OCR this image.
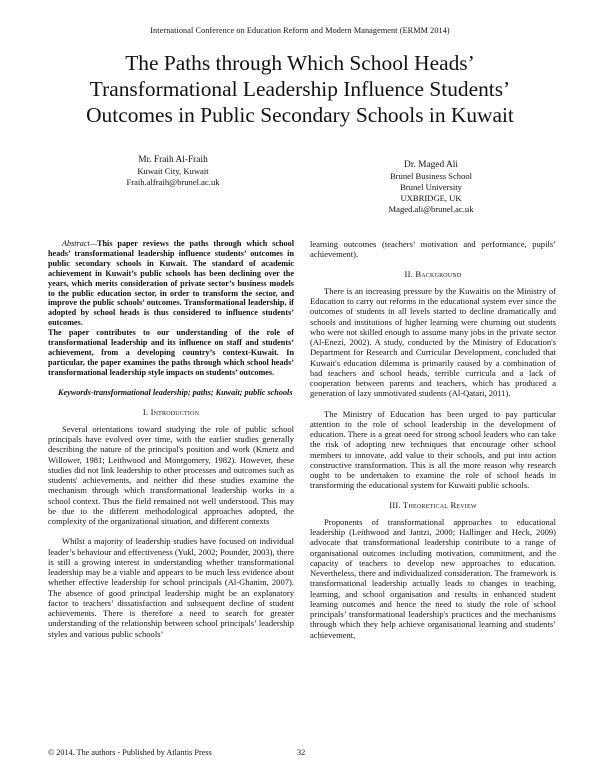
International Conference on Education Reform and Modern Management (ERMM 2014)
The Paths through Which School Heads’
Transformational Leadership Influence Students’
Outcomes in Public Secondary Schools in Kuwait
Mr. Fraih Al-Fraih
Kuwait City, Kuwait
Fraih.alfraih@brunel.ac.uk
Dr. Maged Ali
Brunel Business School
Brunel University
UXBRIDGE, UK
Maged.ali@brunel.ac.uk

Abstract—This paper reviews the paths through which school heads’ transformational leadership influence students’ outcomes in public secondary schools in Kuwait. The standard of academic achievement in Kuwait’s public schools has been declining over the years, which merits consideration of private sector’s business models to the public education sector, in order to transform the sector, and improve the public schools’ outcomes. Transformational leadership, if adopted by school heads is thus considered to influence students’ outcomes.

The paper contributes to our understanding of the role of transformational leadership and its influence on staff and students’ achievement, from a developing country’s context-Kuwait. In particular, the paper examines the paths through which school heads’ transformational leadership style impacts on students’ outcomes.

Keywords-transformational leadership; paths; Kuwait; public schools

I. Introduction

Several orientations toward studying the role of public school principals have evolved over time, with the earlier studies generally describing the nature of the principal's position and work (Kmetz and Willower, 1981; Leithwood and Montgomery, 1982). However, these studies did not link leadership to other processes and outcomes such as students' achievements, and neither did these studies examine the mechanism through which transformational leadership works in a school context. Thus the field remained not well understood. This may be due to the different methodological approaches adopted, the complexity of the organizational situation, and different contexts

Whilst a majority of leadership studies have focused on individual leader’s behaviour and effectiveness (Yukl, 2002; Pounder, 2003), there is still a growing interest in understanding whether transformational leadership may be a viable and appears to be much less evidence about whether effective leadership for school principals (Al-Ghanim, 2007). The absence of good principal leadership might be an explanatory factor to teachers’ dissatisfaction and subsequent decline of student achievements. There is therefore a need to search for greater understanding of the relationship between school principals’ leadership styles and various public schools’

learning outcomes (teachers’ motivation and performance, pupils’ achievement).

II. Background

There is an increasing pressure by the Kuwaitis on the Ministry of Education to carry out reforms in the educational system ever since the outcomes of students in all levels started to decline dramatically and schools and institutions of higher learning were churning out students who were not skilled enough to assume many jobs in the private sector (Al-Enezi, 2002). A study, conducted by the Ministry of Education's Department for Research and Curricular Development, concluded that Kuwait's education dilemma is primarily caused by a combination of bad teachers and school heads, terrible curricula and a lack of cooperation between parents and teachers, which has produced a generation of lazy unmotivated students (Al-Qatari, 2011).

The Ministry of Education has been urged to pay particular attention to the role of school leadership in the development of education. There is a great need for strong school leaders who can take the risk of adopting new techniques that encourage other school members to innovate, add value to their schools, and put into action constructive transformation. This is all the more reason why research ought to be undertaken to examine the role of school heads in transforming the educational system for Kuwaiti public schools.

III. Theoretical Review

Proponents of transformational approaches to educational leadership (Leithwood and Jantzi, 2000; Hallinger and Heck, 2009) advocate that transformational leadership contribute to a range of organisational outcomes including motivation, commitment, and the capacity of teachers to develop new approaches to education. Nevertheless, there and individualized consideration. The framework is transformational leadership actually leads to changes in teaching, learning, and school organisation and results in enhanced student learning outcomes and hence the need to study the role of school principals’ transformational leadership's practices and the mechanisms through which they help achieve organisational learning and students’ achievement,

© 2014. The authors - Published by Atlantis Press	32
